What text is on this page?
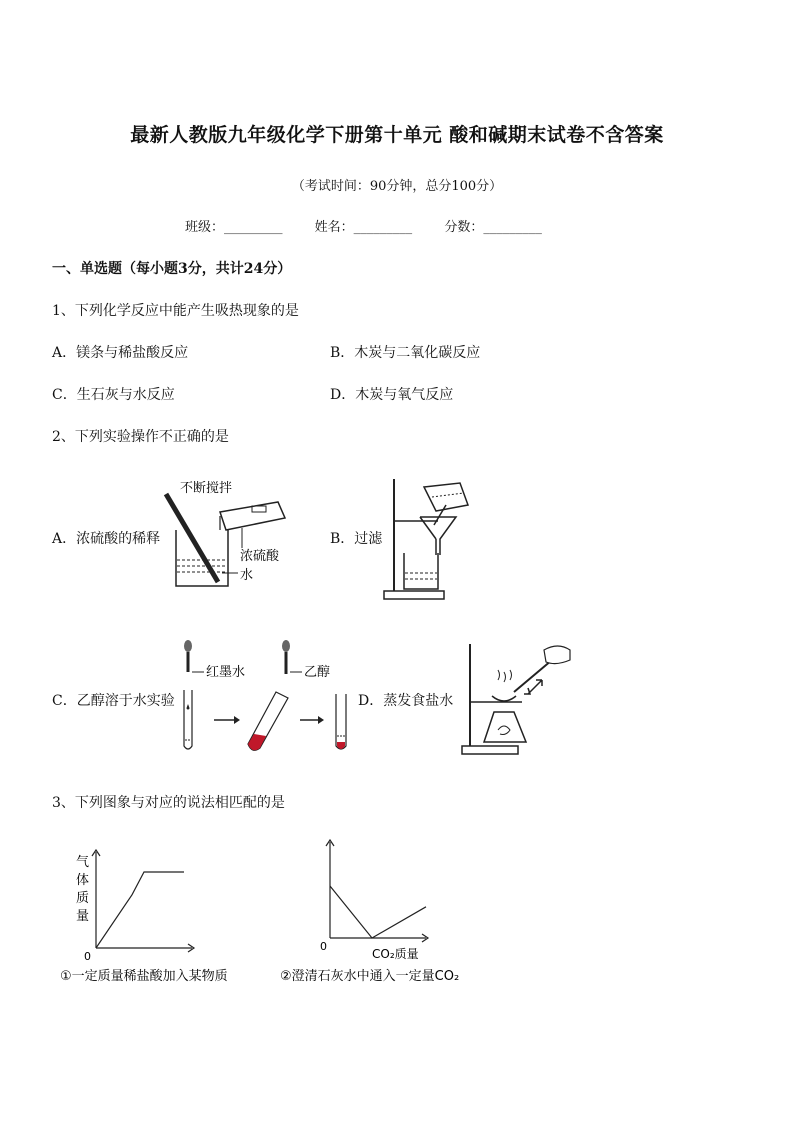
最新人教版九年级化学下册第十单元 酸和碱期末试卷不含答案
（考试时间：90分钟，总分100分）
班级：_________ 姓名：_________ 分数：_________
一、单选题（每小题3分，共计24分）
1、下列化学反应中能产生吸热现象的是
A．镁条与稀盐酸反应	B．木炭与二氧化碳反应
C．生石灰与水反应	D．木炭与氧气反应
2、下列实验操作不正确的是
A．浓硫酸的稀释	B．过滤
不断搅拌
浓硫酸
水
C．乙醇溶于水实验	D．蒸发食盐水
红墨水	乙醇
3、下列图象与对应的说法相匹配的是
气
体
质
量
0
①一定质量稀盐酸加入某物质
0
CO₂质量
②澄清石灰水中通入一定量CO₂
